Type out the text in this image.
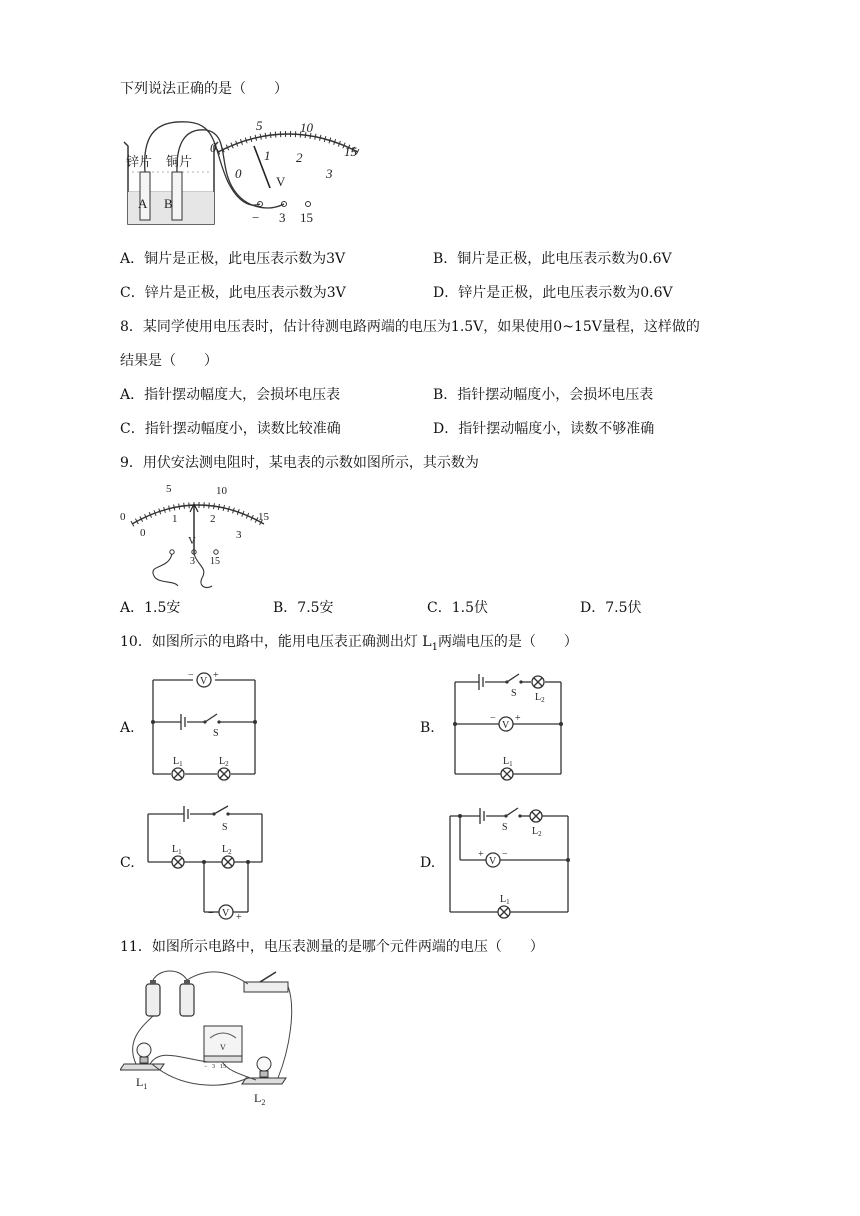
下列说法正确的是（　　）
锌片 铜片
A B
0
1 2
3
0
5	10
15
V
− 3 15
A．铜片是正极，此电压表示数为3V	B．铜片是正极，此电压表示数为0.6V
C．锌片是正极，此电压表示数为3V	D．锌片是正极，此电压表示数为0.6V
8．某同学使用电压表时，估计待测电路两端的电压为1.5V，如果使用0~15V量程，这样做的
结果是（　　）
A．指针摆动幅度大，会损坏电压表	B．指针摆动幅度小，会损坏电压表
C．指针摆动幅度小，读数比较准确	D．指针摆动幅度小，读数不够准确
9．用伏安法测电阻时，某电表的示数如图所示，其示数为
0
5	10
15
0
1	2
3
V
3 15
A．1.5安	B．7.5安	C．1.5伏	D．7.5伏
10．如图所示的电路中，能用电压表正确测出灯 $L_1$两端电压的是（　　）
A.
V
− +
S
$L_1$	$L_2$
B.	V
− +
S $L_2$
$L_1$
C.
V
− +
S
$L_1$	$L_2$
D.	V
+ −
S $L_2$
$L_1$
11．如图所示电路中，电压表测量的是哪个元件两端的电压（　　）
V
− 3 15
$L_1$
$L_2$
